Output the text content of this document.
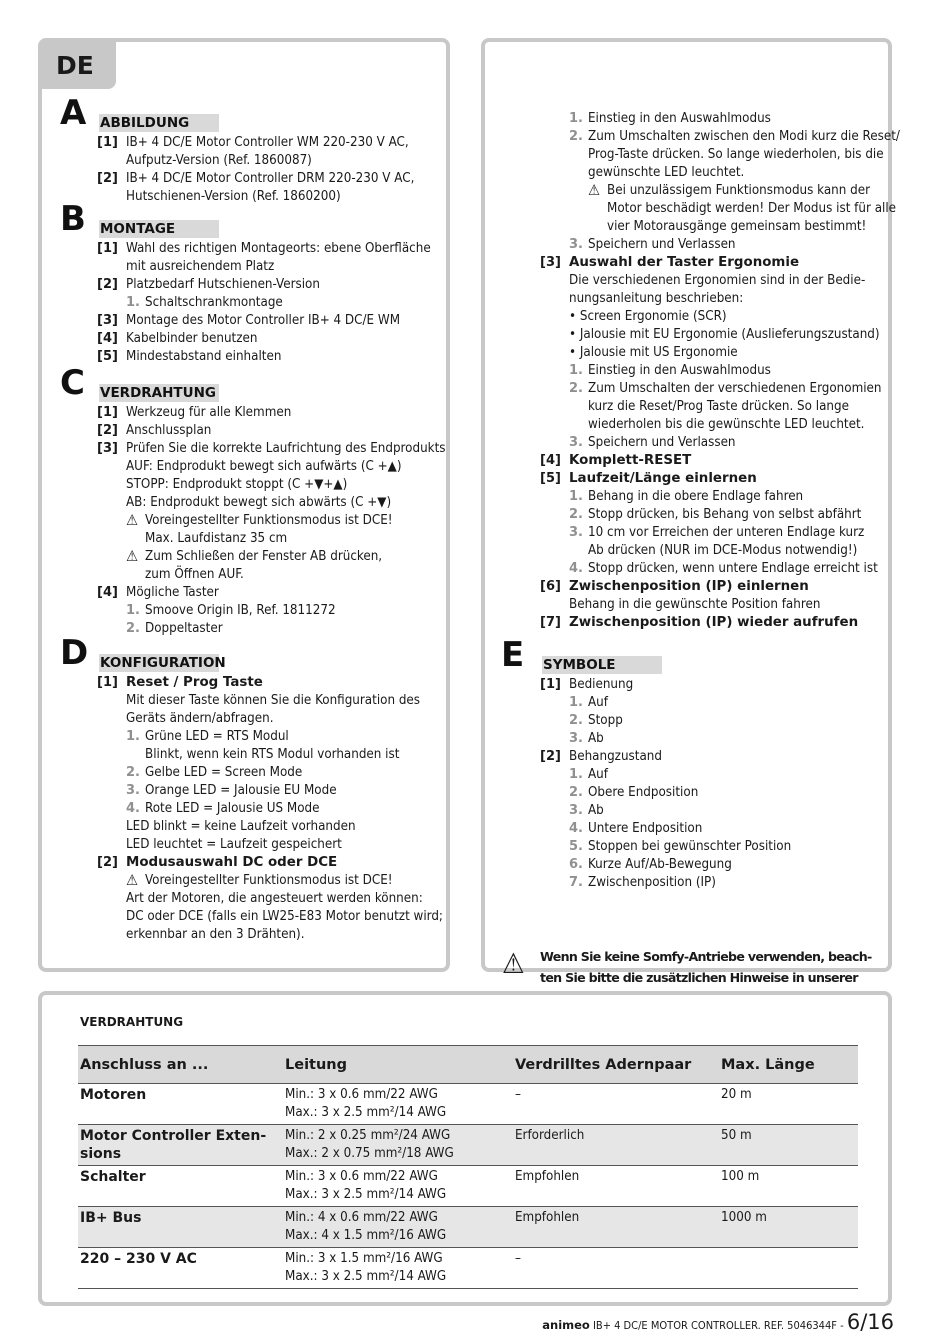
DE
A ABBILDUNG
[1] IB+ 4 DC/E Motor Controller WM 220-230 V AC,
Aufputz-Version (Ref. 1860087)
[2] IB+ 4 DC/E Motor Controller DRM 220-230 V AC,
Hutschienen-Version (Ref. 1860200)
B MONTAGE
[1] Wahl des richtigen Montageorts: ebene Oberfläche
mit ausreichendem Platz
[2] Platzbedarf Hutschienen-Version
1. Schaltschrankmontage
[3] Montage des Motor Controller IB+ 4 DC/E WM
[4] Kabelbinder benutzen
[5] Mindestabstand einhalten
C VERDRAHTUNG
[1] Werkzeug für alle Klemmen
[2] Anschlussplan
[3] Prüfen Sie die korrekte Laufrichtung des Endprodukts
AUF: Endprodukt bewegt sich aufwärts (C +▲)
STOPP: Endprodukt stoppt (C +▼+▲)
AB: Endprodukt bewegt sich abwärts (C +▼)
⚠ Voreingestellter Funktionsmodus ist DCE!
Max. Laufdistanz 35 cm
⚠ Zum Schließen der Fenster AB drücken,
zum Öffnen AUF.
[4] Mögliche Taster
1. Smoove Origin IB, Ref. 1811272
2. Doppeltaster
D KONFIGURATION
[1] Reset / Prog Taste
Mit dieser Taste können Sie die Konfiguration des
Geräts ändern/abfragen.
1. Grüne LED = RTS Modul
Blinkt, wenn kein RTS Modul vorhanden ist
2. Gelbe LED = Screen Mode
3. Orange LED = Jalousie EU Mode
4. Rote LED = Jalousie US Mode
LED blinkt = keine Laufzeit vorhanden
LED leuchtet = Laufzeit gespeichert
[2] Modusauswahl DC oder DCE
⚠ Voreingestellter Funktionsmodus ist DCE!
Art der Motoren, die angesteuert werden können:
DC oder DCE (falls ein LW25-E83 Motor benutzt wird;
erkennbar an den 3 Drähten).
1. Einstieg in den Auswahlmodus
2. Zum Umschalten zwischen den Modi kurz die Reset/
Prog-Taste drücken. So lange wiederholen, bis die
gewünschte LED leuchtet.
⚠ Bei unzulässigem Funktionsmodus kann der
Motor beschädigt werden! Der Modus ist für alle
vier Motorausgänge gemeinsam bestimmt!
3. Speichern und Verlassen
[3] Auswahl der Taster Ergonomie
Die verschiedenen Ergonomien sind in der Bedie-
nungsanleitung beschrieben:
• Screen Ergonomie (SCR)
• Jalousie mit EU Ergonomie (Auslieferungszustand)
• Jalousie mit US Ergonomie
1. Einstieg in den Auswahlmodus
2. Zum Umschalten der verschiedenen Ergonomien
kurz die Reset/Prog Taste drücken. So lange
wiederholen bis die gewünschte LED leuchtet.
3. Speichern und Verlassen
[4] Komplett-RESET
[5] Laufzeit/Länge einlernen
1. Behang in die obere Endlage fahren
2. Stopp drücken, bis Behang von selbst abfährt
3. 10 cm vor Erreichen der unteren Endlage kurz
Ab drücken (NUR im DCE-Modus notwendig!)
4. Stopp drücken, wenn untere Endlage erreicht ist
[6] Zwischenposition (IP) einlernen
Behang in die gewünschte Position fahren
[7] Zwischenposition (IP) wieder aufrufen
E SYMBOLE
[1] Bedienung
1. Auf
2. Stopp
3. Ab
[2] Behangzustand
1. Auf
2. Obere Endposition
3. Ab
4. Untere Endposition
5. Stoppen bei gewünschter Position
6. Kurze Auf/Ab-Bewegung
7. Zwischenposition (IP)
⚠ Wenn Sie keine Somfy-Antriebe verwenden, beach-
ten Sie bitte die zusätzlichen Hinweise in unserer
VERDRAHTUNG
Anschluss an ...	Leitung	Verdrilltes Adernpaar	Max. Länge

Motoren	Min.: 3 x 0.6 mm/22 AWG
Max.: 3 x 2.5 mm²/14 AWG	–	20 m

Motor Controller Exten-
sions	Min.: 2 x 0.25 mm²/24 AWG
Max.: 2 x 0.75 mm²/18 AWG	Erforderlich	50 m

Schalter	Min.: 3 x 0.6 mm/22 AWG
Max.: 3 x 2.5 mm²/14 AWG	Empfohlen	100 m

IB+ Bus	Min.: 4 x 0.6 mm/22 AWG
Max.: 4 x 1.5 mm²/16 AWG	Empfohlen	1000 m

220 – 230 V AC	Min.: 3 x 1.5 mm²/16 AWG
Max.: 3 x 2.5 mm²/14 AWG	–	
animeo IB+ 4 DC/E MOTOR CONTROLLER. REF. 5046344F - 6/16
